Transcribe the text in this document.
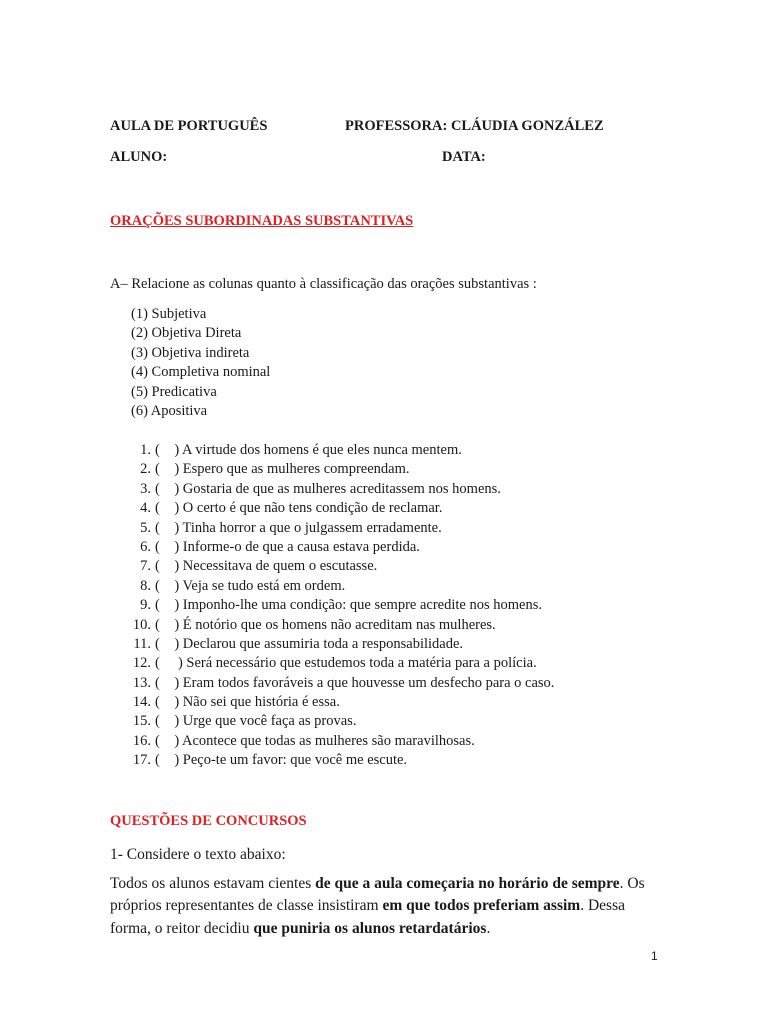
AULA DE PORTUGUÊS	PROFESSORA: CLÁUDIA GONZÁLEZ
ALUNO:	DATA:
ORAÇÕES SUBORDINADAS SUBSTANTIVAS
A– Relacione as colunas quanto à classificação das orações substantivas :
(1) Subjetiva
(2) Objetiva Direta
(3) Objetiva indireta
(4) Completiva nominal
(5) Predicativa
(6) Apositiva
1. (    ) A virtude dos homens é que eles nunca mentem.
2. (    ) Espero que as mulheres compreendam.
3. (    ) Gostaria de que as mulheres acreditassem nos homens.
4. (    ) O certo é que não tens condição de reclamar.
5. (    ) Tinha horror a que o julgassem erradamente.
6. (    ) Informe-o de que a causa estava perdida.
7. (    ) Necessitava de quem o escutasse.
8. (    ) Veja se tudo está em ordem.
9. (    ) Imponho-lhe uma condição: que sempre acredite nos homens.
10. (    ) É notório que os homens não acreditam nas mulheres.
11. (    ) Declarou que assumiria toda a responsabilidade.
12. (     ) Será necessário que estudemos toda a matéria para a polícia.
13. (    ) Eram todos favoráveis a que houvesse um desfecho para o caso.
14. (    ) Não sei que história é essa.
15. (    ) Urge que você faça as provas.
16. (    ) Acontece que todas as mulheres são maravilhosas.
17. (    ) Peço-te um favor: que você me escute.
QUESTÕES DE CONCURSOS
1- Considere o texto abaixo:
Todos os alunos estavam cientes de que a aula começaria no horário de sempre. Os próprios representantes de classe insistiram em que todos preferiam assim. Dessa forma, o reitor decidiu que puniria os alunos retardatários.
1
